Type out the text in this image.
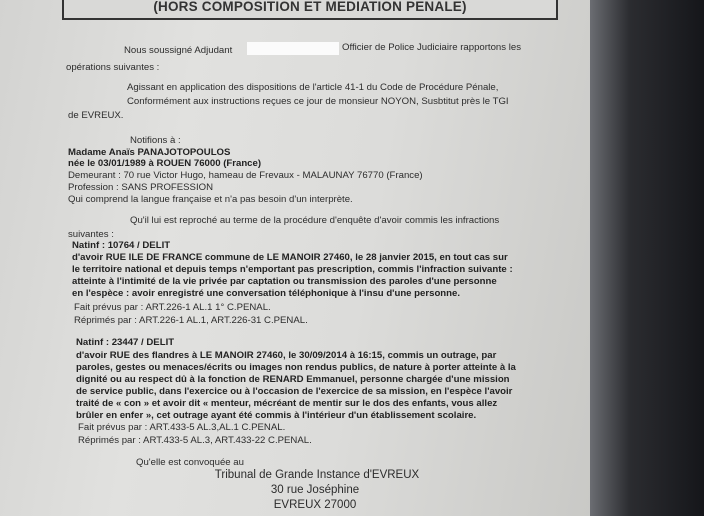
(HORS COMPOSITION ET MEDIATION PENALE)
Nous soussigné Adjudant	Officier de Police Judiciaire rapportons les
opérations suivantes :
Agissant en application des dispositions de l'article 41-1 du Code de Procédure Pénale,
Conformément aux instructions reçues ce jour de monsieur NOYON, Susbtitut près le TGI
de EVREUX.
Notifions à :
Madame Anaïs PANAJOTOPOULOS
née le 03/01/1989 à ROUEN 76000 (France)
Demeurant : 70 rue Victor Hugo, hameau de Frevaux - MALAUNAY 76770 (France)
Profession : SANS PROFESSION
Qui comprend la langue française et n'a pas besoin d'un interprète.
Qu'il lui est reproché au terme de la procédure d'enquête d'avoir commis les infractions
suivantes :
Natinf : 10764 / DELIT
d'avoir RUE ILE DE FRANCE commune de LE MANOIR 27460, le 28 janvier 2015, en tout cas sur
le territoire national et depuis temps n'emportant pas prescription, commis l'infraction suivante :
atteinte à l'intimité de la vie privée par captation ou transmission des paroles d'une personne
en l'espèce : avoir enregistré une conversation téléphonique à l'insu d'une personne.
Fait prévus par : ART.226-1 AL.1 1° C.PENAL.
Réprimés par : ART.226-1 AL.1, ART.226-31 C.PENAL.
Natinf : 23447 / DELIT
d'avoir RUE des flandres à LE MANOIR 27460, le 30/09/2014 à 16:15, commis un outrage, par
paroles, gestes ou menaces/écrits ou images non rendus publics, de nature à porter atteinte à la
dignité ou au respect dû à la fonction de RENARD Emmanuel, personne chargée d'une mission
de service public, dans l'exercice ou à l'occasion de l'exercice de sa mission, en l'espèce l'avoir
traité de « con » et avoir dit « menteur, mécréant de mentir sur le dos des enfants, vous allez
brûler en enfer », cet outrage ayant été commis à l'intérieur d'un établissement scolaire.
Fait prévus par : ART.433-5 AL.3,AL.1 C.PENAL.
Réprimés par : ART.433-5 AL.3, ART.433-22 C.PENAL.
Qu'elle est convoquée au
Tribunal de Grande Instance d'EVREUX
30 rue Joséphine
EVREUX 27000
